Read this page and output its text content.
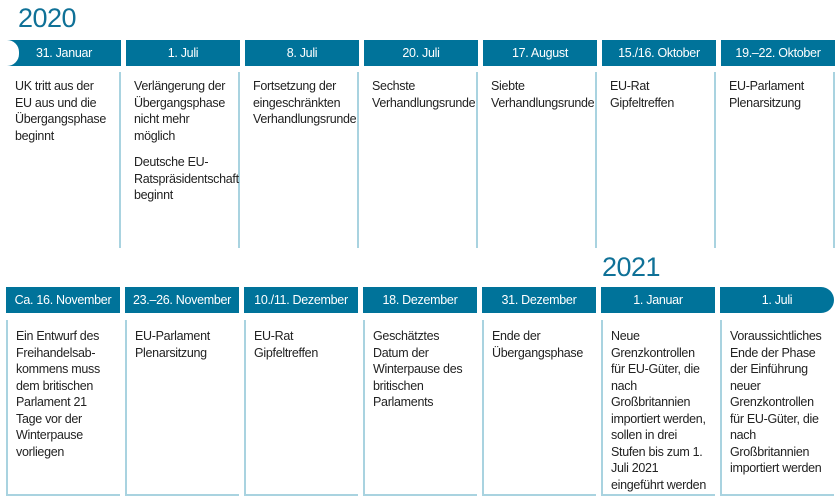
2020
2021
31. Januar

UK tritt aus der EU aus und die Übergangsphase beginnt

1. Juli

Verlängerung der Übergangsphase nicht mehr möglich

Deutsche EU-Ratspräsidentschaft beginnt

8. Juli

Fortsetzung der eingeschränkten Verhandlungsrunde

20. Juli

Sechste Verhandlungsrunde

17. August

Siebte Verhandlungsrunde

15./16. Oktober

EU-Rat Gipfeltreffen

19.–22. Oktober

EU-Parlament Plenarsitzung

Ca. 16. November

Ein Entwurf des Freihandelsab-kommens muss dem britischen Parlament 21 Tage vor der Winterpause vorliegen

23.–26. November

EU-Parlament Plenarsitzung

10./11. Dezember

EU-Rat Gipfeltreffen

18. Dezember

Geschätztes Datum der Winterpause des britischen Parlaments

31. Dezember

Ende der Übergangsphase

1. Januar

Neue Grenzkontrollen für EU-Güter, die nach Großbritannien importiert werden, sollen in drei Stufen bis zum 1. Juli 2021 eingeführt werden

1. Juli

Voraussichtliches Ende der Phase der Einführung neuer Grenzkontrollen für EU-Güter, die nach Großbritannien importiert werden
